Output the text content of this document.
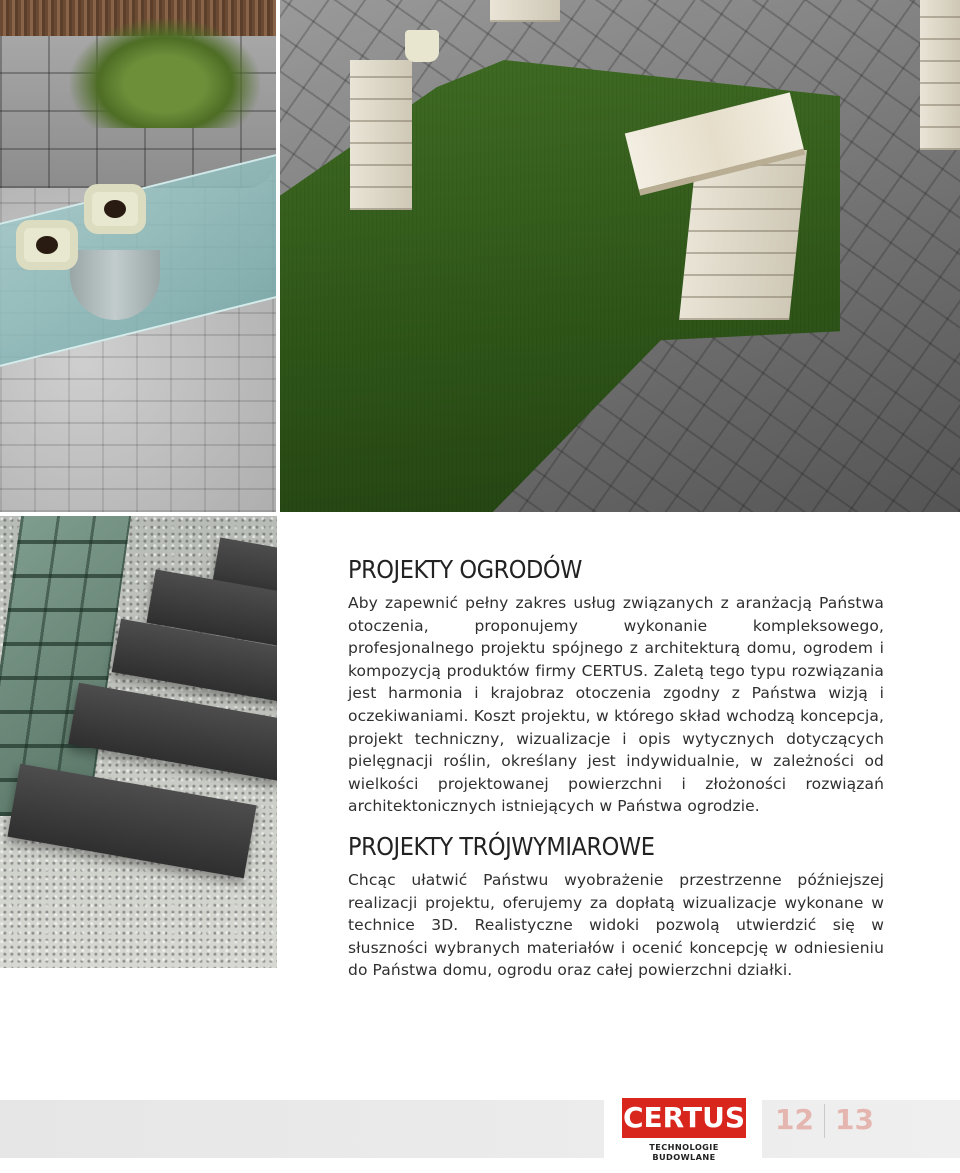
PROJEKTY OGRODÓW

Aby zapewnić pełny zakres usług związanych z aranżacją Państwa otoczenia, proponujemy wykonanie kompleksowego, profesjonalnego projektu spójnego z architekturą domu, ogrodem i kompozycją produktów firmy CERTUS. Zaletą tego typu rozwiązania jest harmonia i krajobraz otoczenia zgodny z Państwa wizją i oczekiwaniami. Koszt projektu, w którego skład wchodzą koncepcja, projekt techniczny, wizualizacje i opis wytycznych dotyczących pielęgnacji roślin, określany jest indywidualnie, w zależności od wielkości projektowanej powierzchni i złożoności rozwiązań architektonicznych istniejących w Państwa ogrodzie.

PROJEKTY TRÓJWYMIAROWE

Chcąc ułatwić Państwu wyobrażenie przestrzenne późniejszej realizacji projektu, oferujemy za dopłatą wizualizacje wykonane w technice 3D. Realistyczne widoki pozwolą utwierdzić się w słuszności wybranych materiałów i ocenić koncepcję w odniesieniu do Państwa domu, ogrodu oraz całej powierzchni działki.

CERTUS
TECHNOLOGIE BUDOWLANE
12 13
